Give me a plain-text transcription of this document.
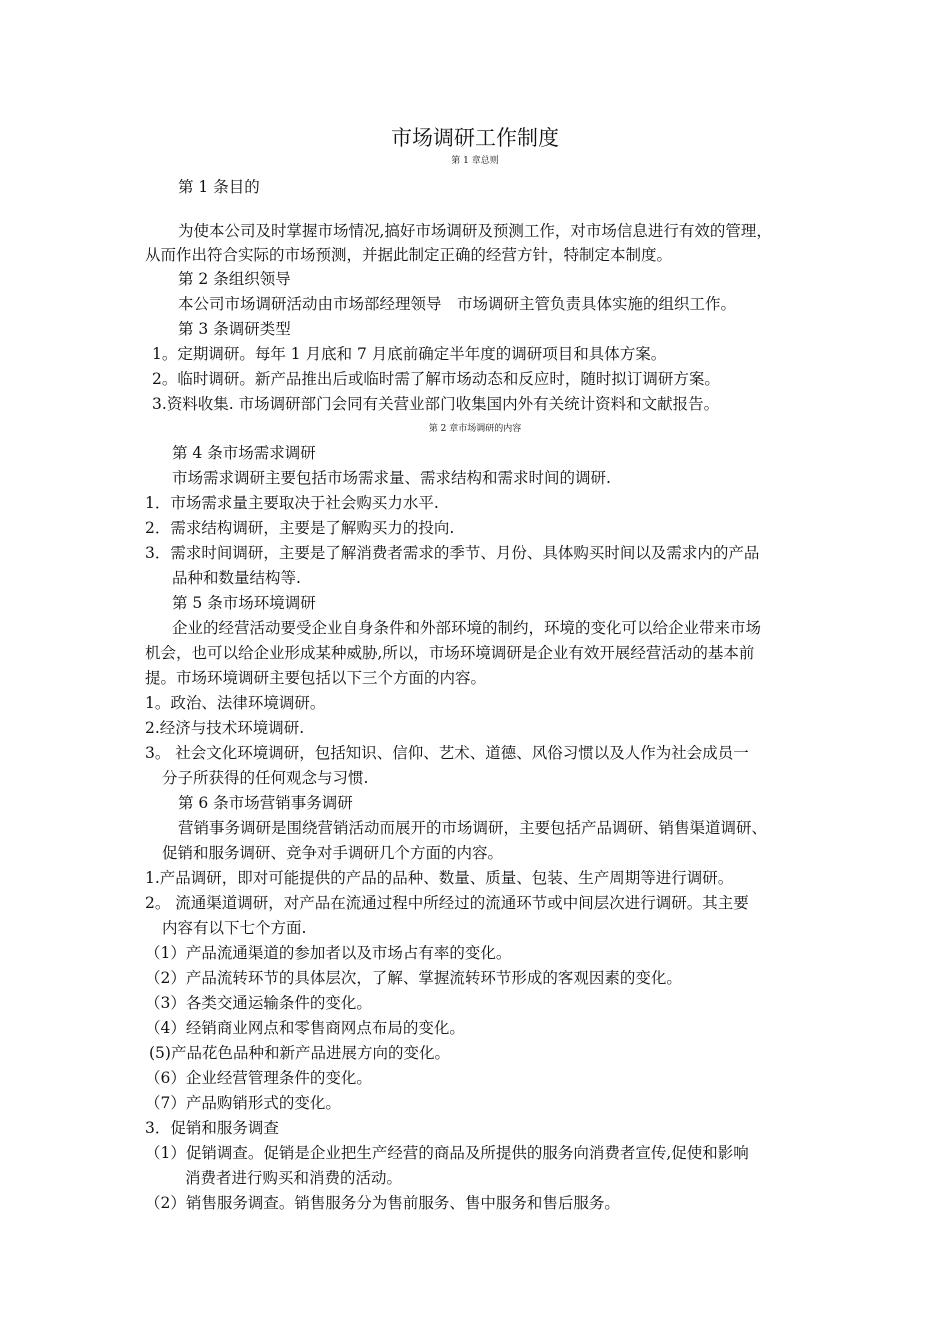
市场调研工作制度

第 1 章总则

第 1 条目的

为使本公司及时掌握市场情况,搞好市场调研及预测工作，对市场信息进行有效的管理，

从而作出符合实际的市场预测，并据此制定正确的经营方针，特制定本制度。

第 2 条组织领导

本公司市场调研活动由市场部经理领导　市场调研主管负责具体实施的组织工作。

第 3 条调研类型

1。定期调研。每年 1 月底和 7 月底前确定半年度的调研项目和具体方案。

2。临时调研。新产品推出后或临时需了解市场动态和反应时，随时拟订调研方案。

3.资料收集. 市场调研部门会同有关营业部门收集国内外有关统计资料和文献报告。

第 2 章市场调研的内容

第 4 条市场需求调研

市场需求调研主要包括市场需求量、需求结构和需求时间的调研.

1．市场需求量主要取决于社会购买力水平.

2．需求结构调研，主要是了解购买力的投向.

3．需求时间调研，主要是了解消费者需求的季节、月份、具体购买时间以及需求内的产品

品种和数量结构等.

第 5 条市场环境调研

企业的经营活动要受企业自身条件和外部环境的制约，环境的变化可以给企业带来市场

机会，也可以给企业形成某种威胁,所以，市场环境调研是企业有效开展经营活动的基本前

提。市场环境调研主要包括以下三个方面的内容。

1。政治、法律环境调研。

2.经济与技术环境调研.

3。 社会文化环境调研，包括知识、信仰、艺术、道德、风俗习惯以及人作为社会成员一

分子所获得的任何观念与习惯.

第 6 条市场营销事务调研

营销事务调研是围绕营销活动而展开的市场调研，主要包括产品调研、销售渠道调研、

促销和服务调研、竞争对手调研几个方面的内容。

1.产品调研，即对可能提供的产品的品种、数量、质量、包装、生产周期等进行调研。

2。 流通渠道调研，对产品在流通过程中所经过的流通环节或中间层次进行调研。其主要

内容有以下七个方面.

（1）产品流通渠道的参加者以及市场占有率的变化。

（2）产品流转环节的具体层次，了解、掌握流转环节形成的客观因素的变化。

（3）各类交通运输条件的变化。

（4）经销商业网点和零售商网点布局的变化。

(5)产品花色品种和新产品进展方向的变化。

（6）企业经营管理条件的变化。

（7）产品购销形式的变化。

3．促销和服务调查

（1）促销调查。促销是企业把生产经营的商品及所提供的服务向消费者宣传,促使和影响

消费者进行购买和消费的活动。

（2）销售服务调查。销售服务分为售前服务、售中服务和售后服务。
